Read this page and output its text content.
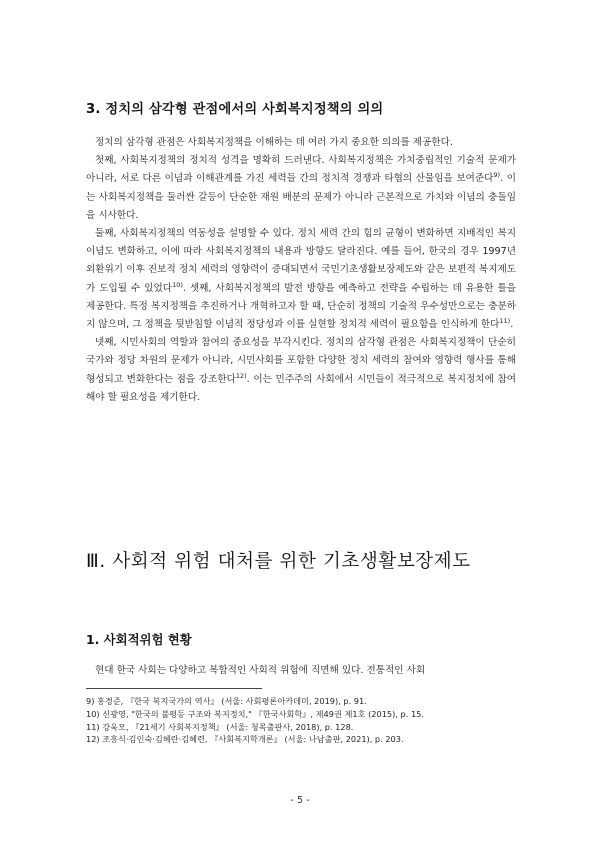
3. 정치의 삼각형 관점에서의 사회복지정책의 의의

정치의 삼각형 관점은 사회복지정책을 이해하는 데 여러 가지 중요한 의의를 제공한다.

첫째, 사회복지정책의 정치적 성격을 명확히 드러낸다. 사회복지정책은 가치중립적인 기술적 문제가 아니라, 서로 다른 이념과 이해관계를 가진 세력들 간의 정치적 경쟁과 타협의 산물임을 보여준다$^{9)}$. 이는 사회복지정책을 둘러싼 갈등이 단순한 재원 배분의 문제가 아니라 근본적으로 가치와 이념의 충돌임을 시사한다.

둘째, 사회복지정책의 역동성을 설명할 수 있다. 정치 세력 간의 힘의 균형이 변화하면 지배적인 복지 이념도 변화하고, 이에 따라 사회복지정책의 내용과 방향도 달라진다. 예를 들어, 한국의 경우 1997년 외환위기 이후 진보적 정치 세력의 영향력이 증대되면서 국민기초생활보장제도와 같은 보편적 복지제도가 도입될 수 있었다$^{10)}$. 셋째, 사회복지정책의 발전 방향을 예측하고 전략을 수립하는 데 유용한 틀을 제공한다. 특정 복지정책을 추진하거나 개혁하고자 할 때, 단순히 정책의 기술적 우수성만으로는 충분하지 않으며, 그 정책을 뒷받침할 이념적 정당성과 이를 실현할 정치적 세력이 필요함을 인식하게 한다$^{11)}$.

넷째, 시민사회의 역할과 참여의 중요성을 부각시킨다. 정치의 삼각형 관점은 사회복지정책이 단순히 국가와 정당 차원의 문제가 아니라, 시민사회를 포함한 다양한 정치 세력의 참여와 영향력 행사를 통해 형성되고 변화한다는 점을 강조한다$^{12)}$. 이는 민주주의 사회에서 시민들이 적극적으로 복지정치에 참여해야 할 필요성을 제기한다.

Ⅲ. 사회적 위험 대처를 위한 기초생활보장제도
1. 사회적위험 현황

현대 한국 사회는 다양하고 복합적인 사회적 위험에 직면해 있다. 전통적인 사회

9) 홍경준, 『한국 복지국가의 역사』 (서울: 사회평론아카데미, 2019), p. 91.
10) 신광영, "한국의 불평등 구조와 복지정치," 『한국사회학』, 제49권 제1호 (2015), p. 15.
11) 강욱모, 『21세기 사회복지정책』 (서울: 청목출판사, 2018), p. 128.
12) 조흥식·김인숙·김혜란·김혜련, 『사회복지학개론』 (서울: 나남출판, 2021), p. 203.
- 5 -
